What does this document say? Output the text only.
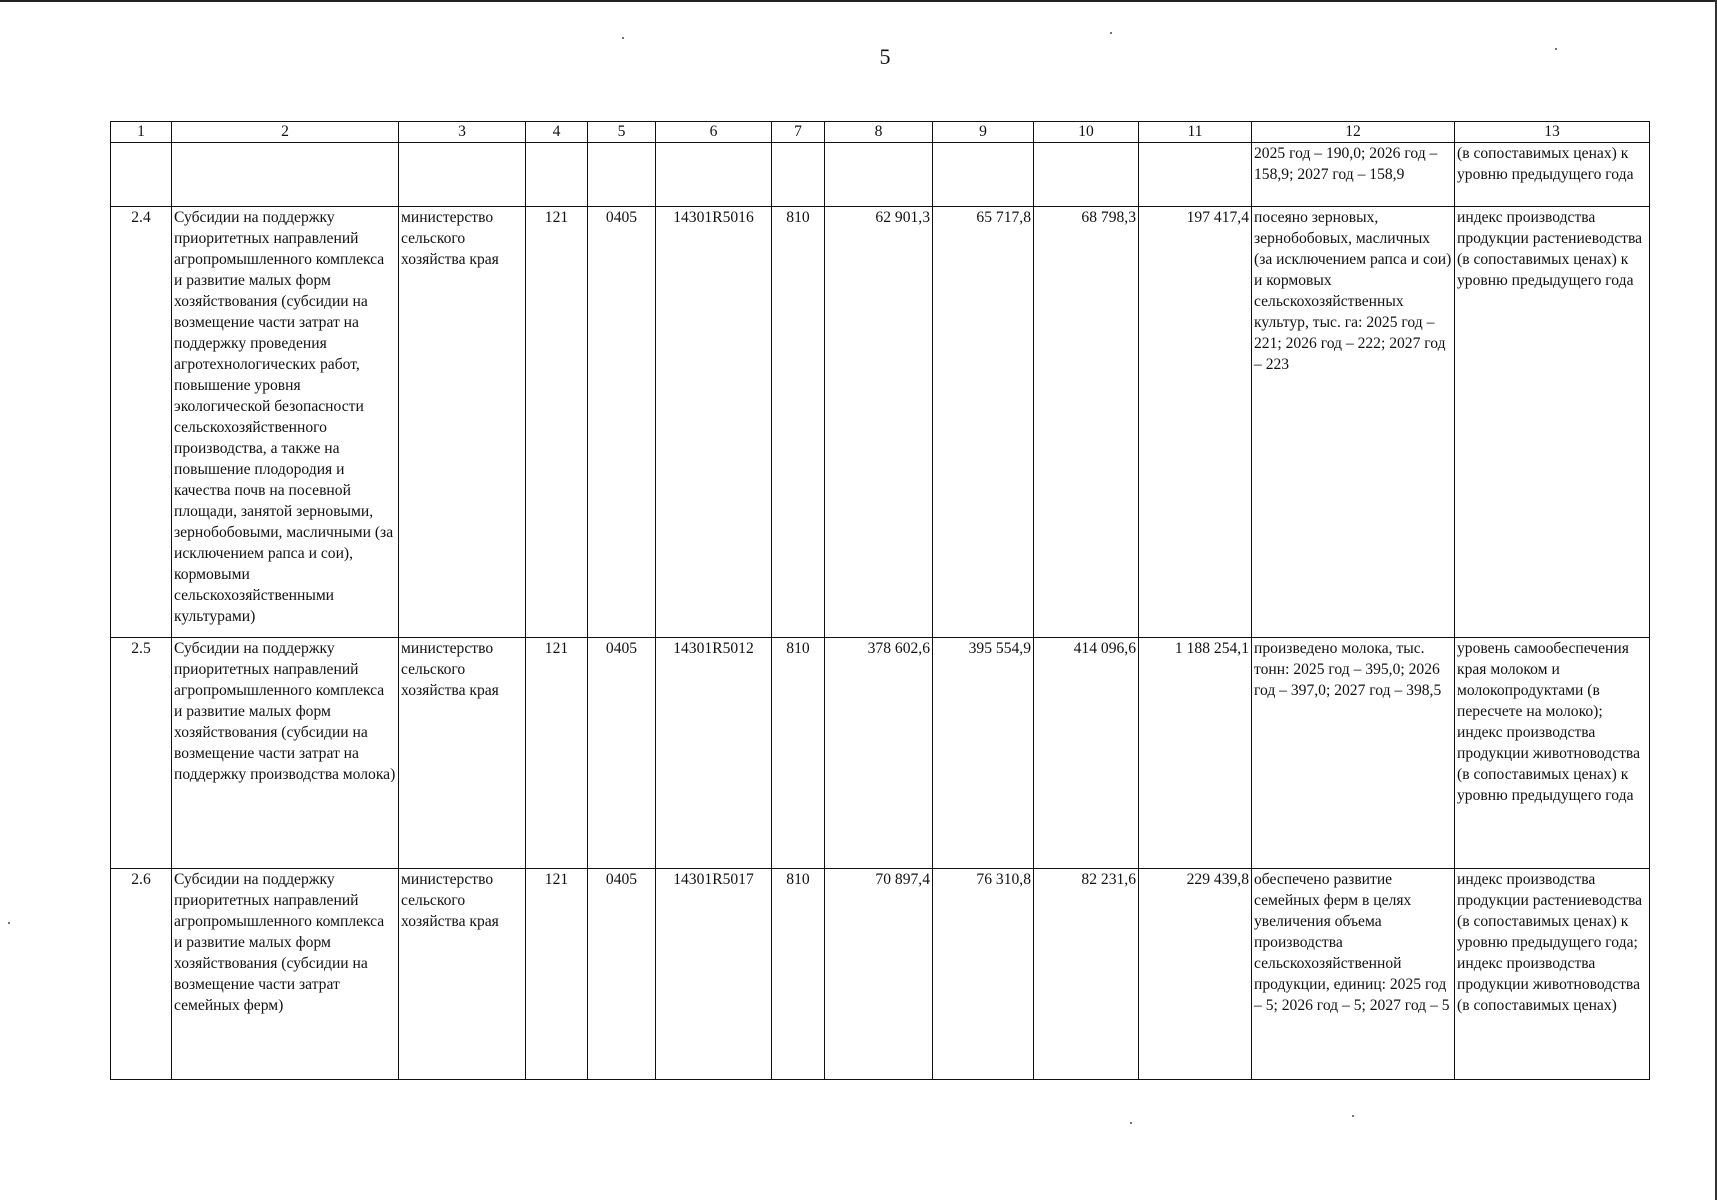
5
1	2	3	4	5	6	7	8	9	10	11	12	13
											2025 год – 190,0; 2026 год – 158,9; 2027 год – 158,9	(в сопоставимых ценах) к уровню предыдущего года
2.4	Субсидии на поддержку приоритетных направлений агропромышленного комплекса и развитие малых форм хозяйствования (субсидии на возмещение части затрат на поддержку проведения агротехнологических работ, повышение уровня экологической безопасности сельскохозяйственного производства, а также на повышение плодородия и качества почв на посевной площади, занятой зерновыми, зернобобовыми, масличными (за исключением рапса и сои), кормовыми сельскохозяйственными культурами)	министерство сельского хозяйства края	121	0405	14301R5016	810	62 901,3	65 717,8	68 798,3	197 417,4	посеяно зерновых, зернобобовых, масличных (за исключением рапса и сои) и кормовых сельскохозяйственных культур, тыс. га: 2025 год – 221; 2026 год – 222; 2027 год – 223	индекс производства продукции растениеводства (в сопоставимых ценах) к уровню предыдущего года
2.5	Субсидии на поддержку приоритетных направлений агропромышленного комплекса и развитие малых форм хозяйствования (субсидии на возмещение части затрат на поддержку производства молока)	министерство сельского хозяйства края	121	0405	14301R5012	810	378 602,6	395 554,9	414 096,6	1 188 254,1	произведено молока, тыс. тонн: 2025 год – 395,0; 2026 год – 397,0; 2027 год – 398,5	уровень самообеспечения края молоком и молокопродуктами (в пересчете на молоко); индекс производства продукции животноводства (в сопоставимых ценах) к уровню предыдущего года
2.6	Субсидии на поддержку приоритетных направлений агропромышленного комплекса и развитие малых форм хозяйствования (субсидии на возмещение части затрат семейных ферм)	министерство сельского хозяйства края	121	0405	14301R5017	810	70 897,4	76 310,8	82 231,6	229 439,8	обеспечено развитие семейных ферм в целях увеличения объема производства сельскохозяйственной продукции, единиц: 2025 год – 5; 2026 год – 5; 2027 год – 5	индекс производства продукции растениеводства (в сопоставимых ценах) к уровню предыдущего года; индекс производства продукции животноводства (в сопоставимых ценах)
